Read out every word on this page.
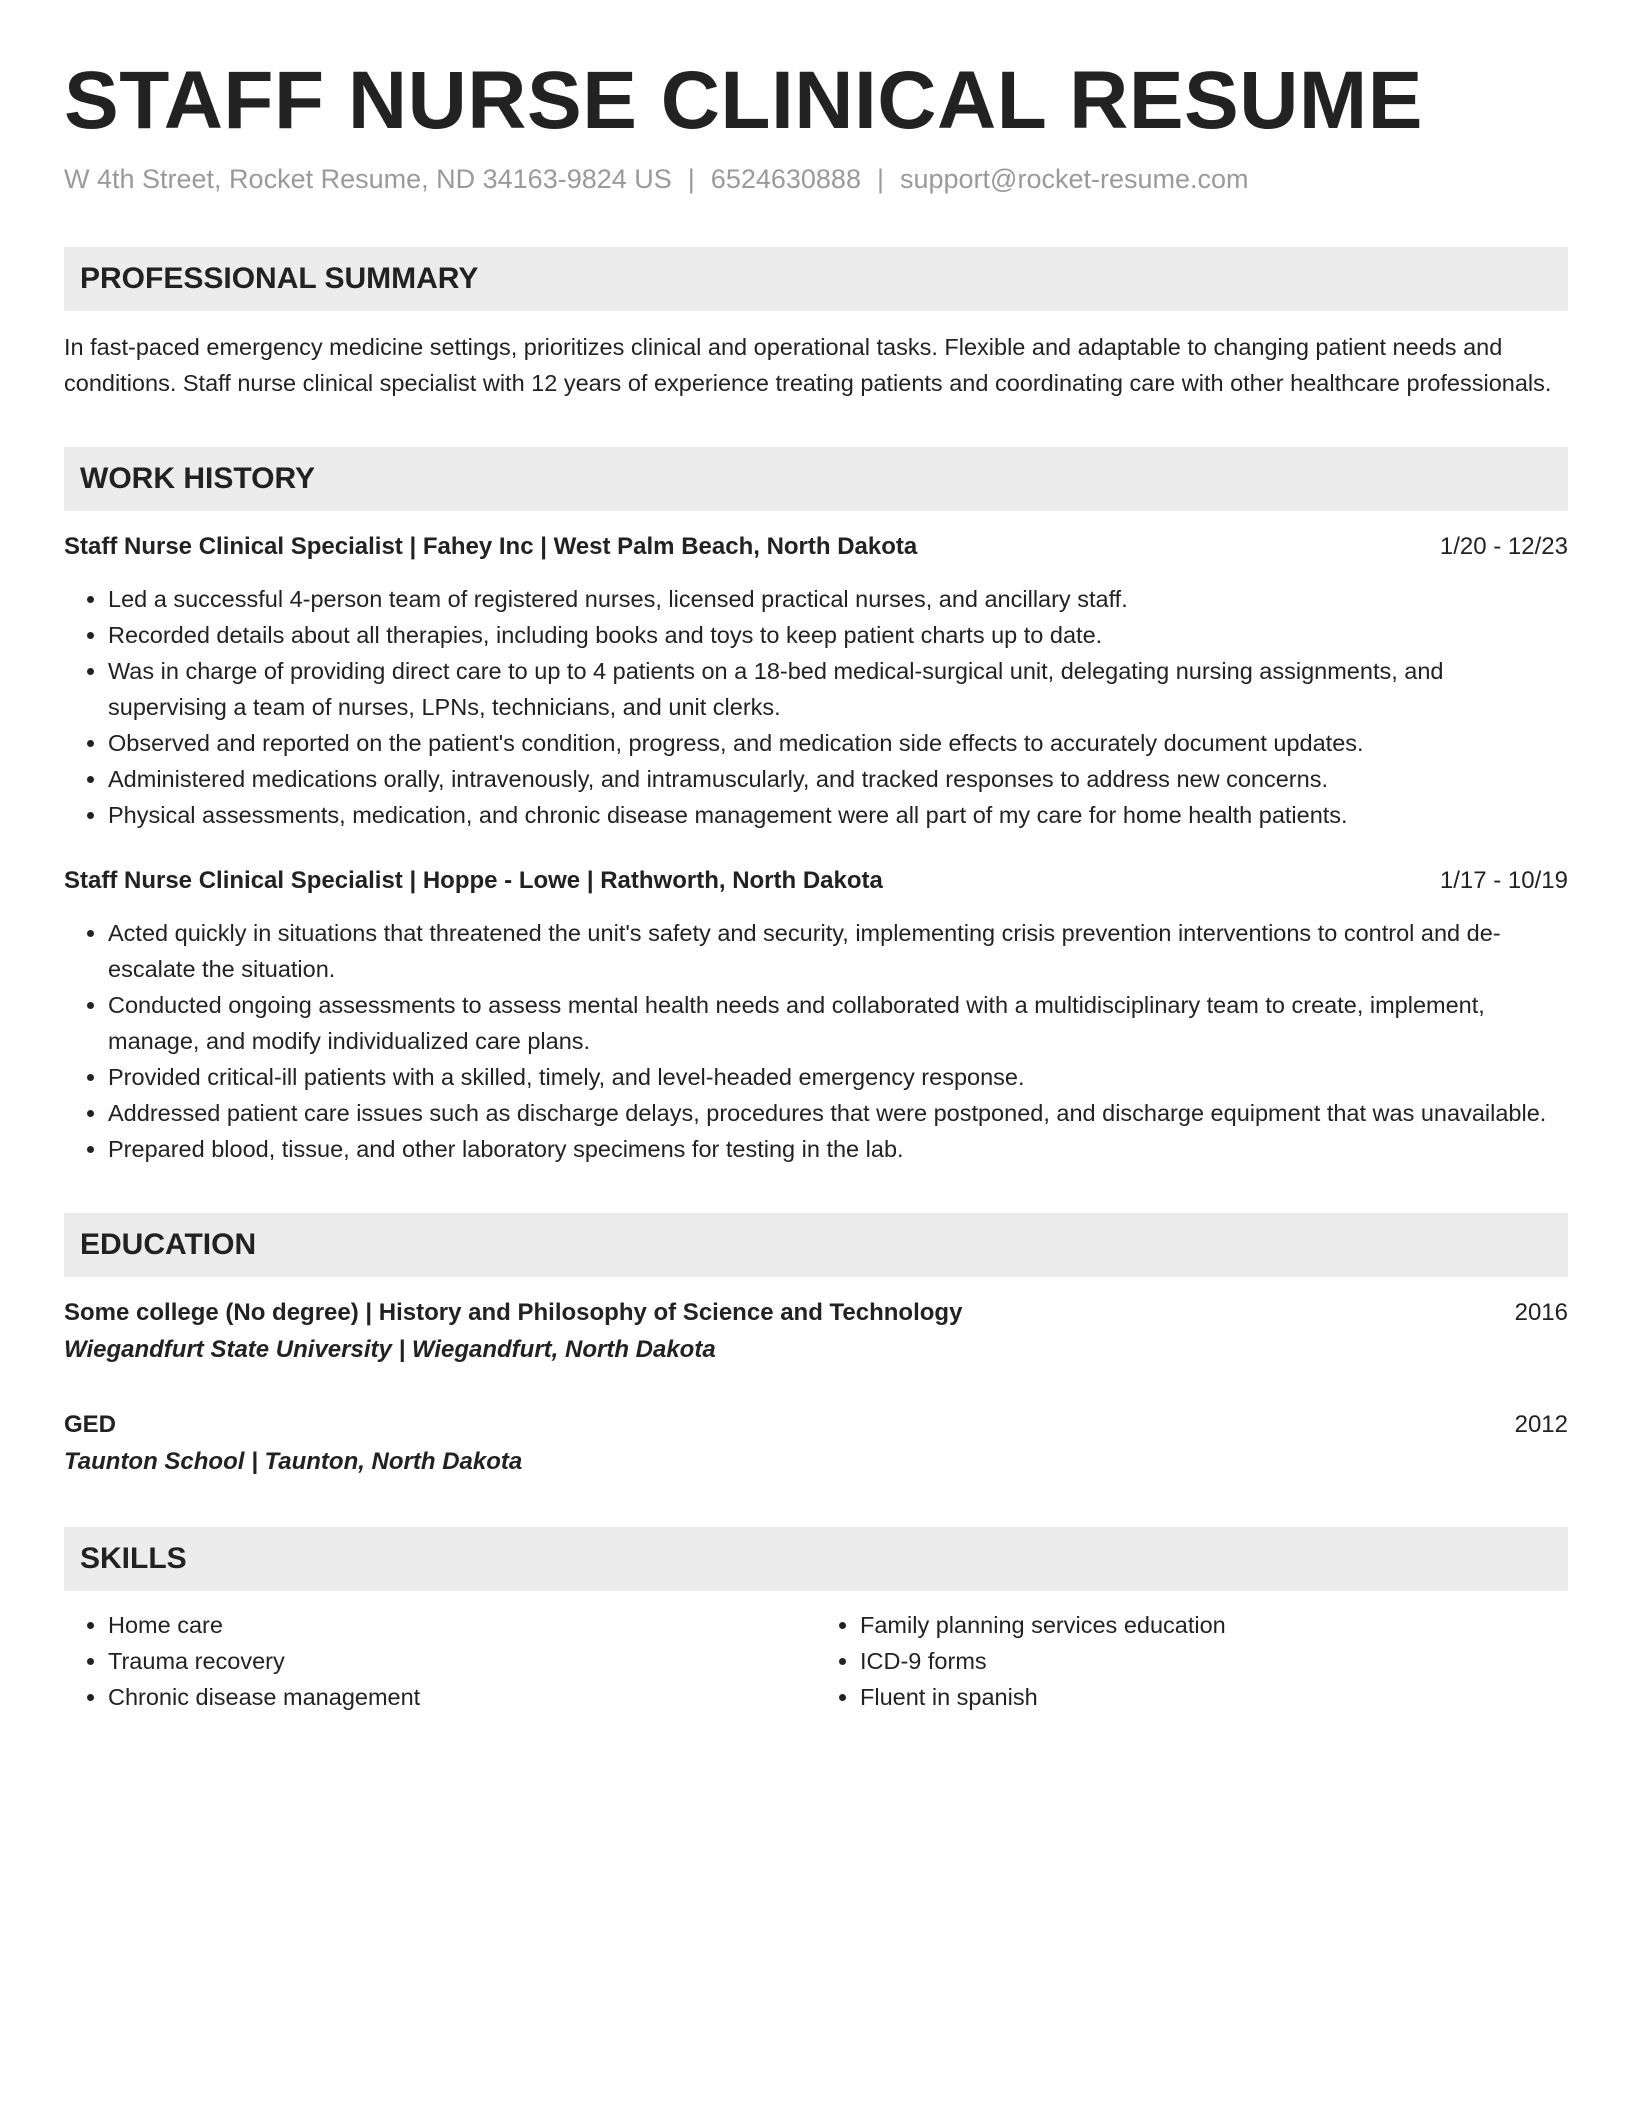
STAFF NURSE CLINICAL RESUME
W 4th Street, Rocket Resume, ND 34163-9824 US | 6524630888 | support@rocket-resume.com
PROFESSIONAL SUMMARY
In fast-paced emergency medicine settings, prioritizes clinical and operational tasks. Flexible and adaptable to changing patient needs and conditions. Staff nurse clinical specialist with 12 years of experience treating patients and coordinating care with other healthcare professionals.
WORK HISTORY
Staff Nurse Clinical Specialist | Fahey Inc | West Palm Beach, North Dakota	1/20 - 12/23
• Led a successful 4-person team of registered nurses, licensed practical nurses, and ancillary staff.
• Recorded details about all therapies, including books and toys to keep patient charts up to date.
• Was in charge of providing direct care to up to 4 patients on a 18-bed medical-surgical unit, delegating nursing assignments, and supervising a team of nurses, LPNs, technicians, and unit clerks.
• Observed and reported on the patient's condition, progress, and medication side effects to accurately document updates.
• Administered medications orally, intravenously, and intramuscularly, and tracked responses to address new concerns.
• Physical assessments, medication, and chronic disease management were all part of my care for home health patients.
Staff Nurse Clinical Specialist | Hoppe - Lowe | Rathworth, North Dakota	1/17 - 10/19
• Acted quickly in situations that threatened the unit's safety and security, implementing crisis prevention interventions to control and de-escalate the situation.
• Conducted ongoing assessments to assess mental health needs and collaborated with a multidisciplinary team to create, implement, manage, and modify individualized care plans.
• Provided critical-ill patients with a skilled, timely, and level-headed emergency response.
• Addressed patient care issues such as discharge delays, procedures that were postponed, and discharge equipment that was unavailable.
• Prepared blood, tissue, and other laboratory specimens for testing in the lab.
EDUCATION
Some college (No degree) | History and Philosophy of Science and Technology	2016
Wiegandfurt State University | Wiegandfurt, North Dakota
GED	2012
Taunton School | Taunton, North Dakota
SKILLS
• Home care
• Trauma recovery
• Chronic disease management
• Family planning services education
• ICD-9 forms
• Fluent in spanish
